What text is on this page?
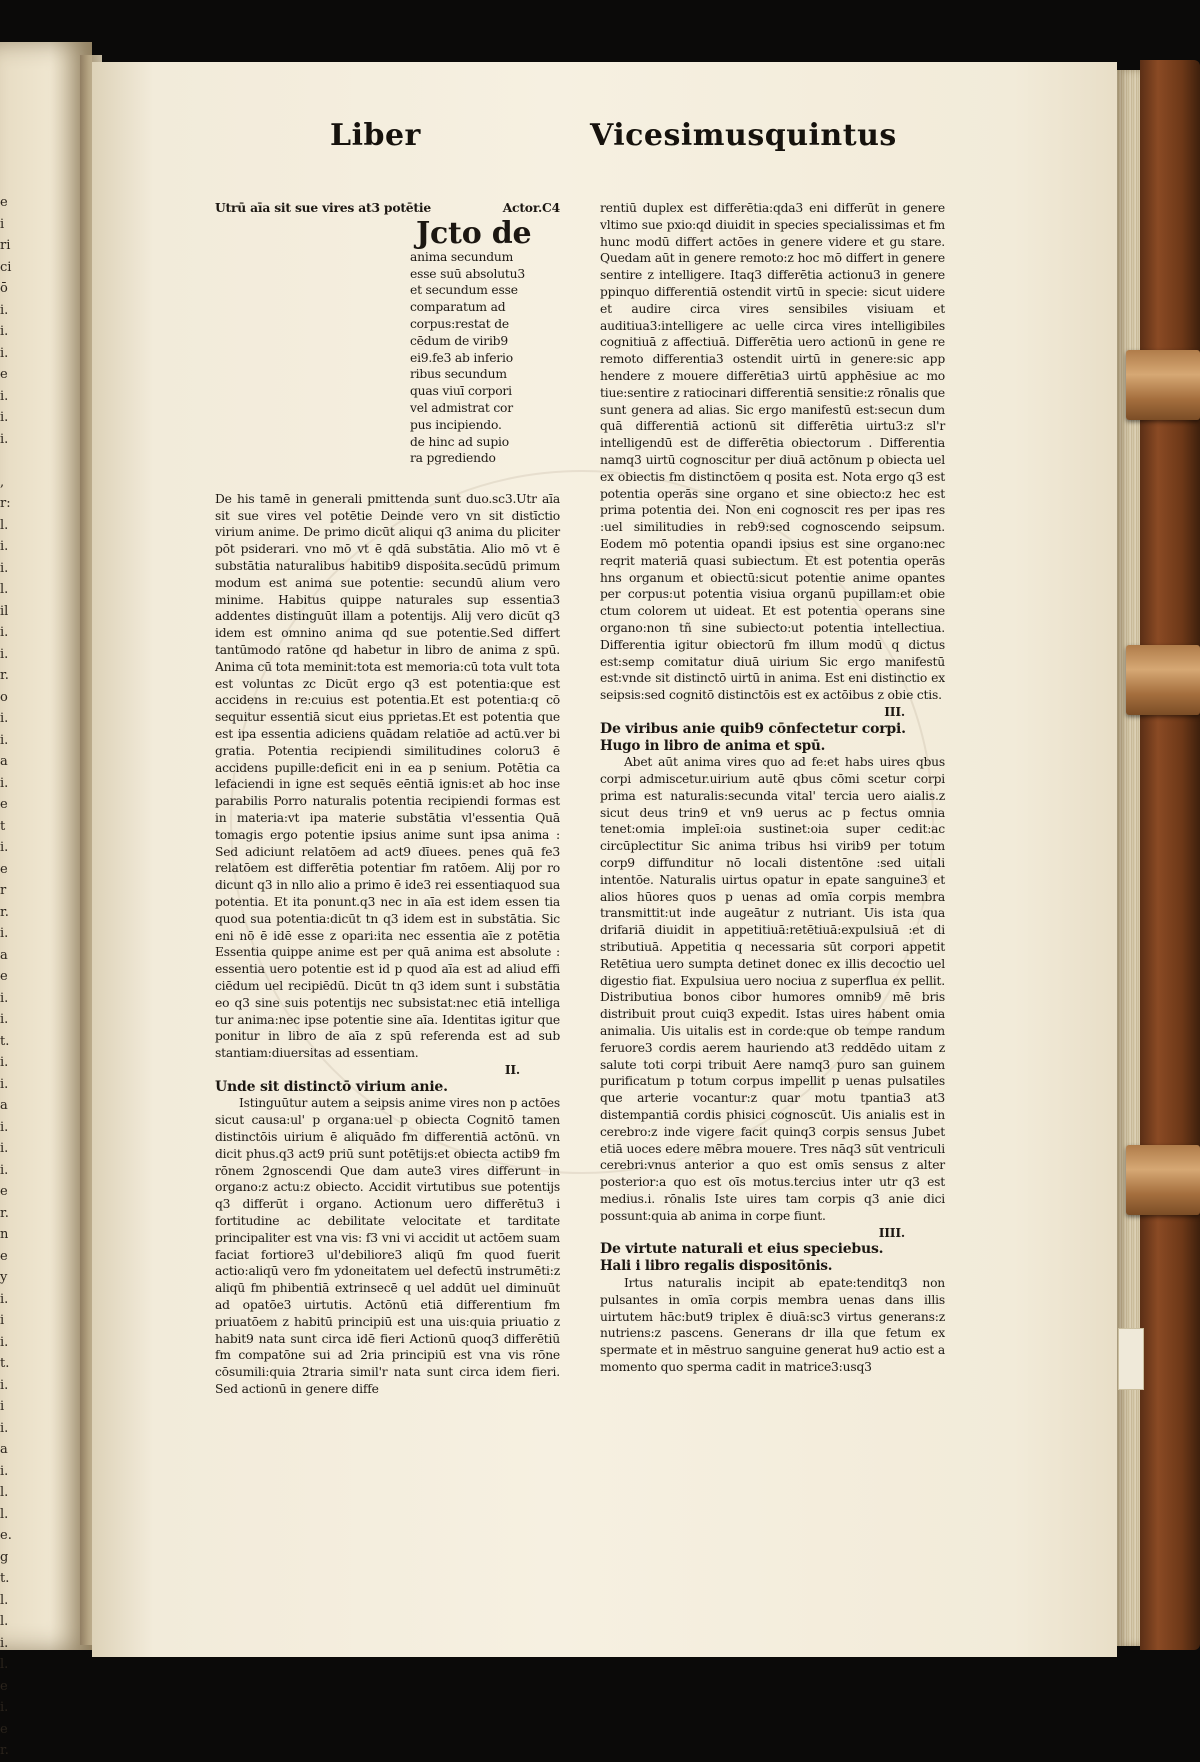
e
i
ri
ci
ō
i.
i.
i.
e
i.
i.
i.

,
r:
l.
i.
i.
l.
il
i.
i.
r.
o
i.
i.
a
i.
e
t
i.
e
r
r.
i.
a
e
i.
i.
t.
i.
i.
a
i.
i.
i.
e
r.
n
e
y
i.
i
i.
t.
i.
i
i.
a
i.
l.
l.
e.
g
t.
l.
l.
i.
l.
e
i.
e
r.
Liber	Vicesimusquintus

Utrū aīa sit sue vires at3 potētie	Actor.C4

Jcto de
anima secundum
esse suū absolutu3
et secundum esse
comparatum ad
corpus:restat de
cēdum de virib9
ei9.fe3 ab inferio
ribus secundum
quas viuī corpori
vel admistrat cor
pus incipiendo.
de hinc ad supio
ra pgrediendo

De his tamē in generali pmittenda sunt duo.sc3.Utr aīa sit sue vires vel potētie Deinde vero vn sit distīctio virium anime. De primo dicūt aliqui q3 anima du pliciter pōt psiderari. vno mō vt ē qdā substātia. Alio mō vt ē substātia naturalibus habitib9 dispoṡita.secūdū primum modum est anima sue potentie: secundū alium vero minime. Habitus quippe naturales sup essentia3 addentes distinguūt illam a potentijs. Alij vero dicūt q3 idem est omnino anima qd sue potentie.Sed differt tantūmodo ratōne qd habetur in libro de anima z spū. Anima cū tota meminit:tota est memoria:cū tota vult tota est voluntas zc Dicūt ergo q3 est potentia:que est accidens in re:cuius est potentia.Et est potentia:q cō sequitur essentiā sicut eius pprietas.Et est potentia que est ipa essentia adiciens quādam relatiōe ad actū.ver bi gratia. Potentia recipiendi similitudines coloru3 ē accidens pupille:deficit eni in ea p senium. Potētia ca lefaciendi in igne est sequēs eēntiā ignis:et ab hoc inse parabilis Porro naturalis potentia recipiendi formas est in materia:vt ipa materie substātia vl'essentia Quā tomagis ergo potentie ipsius anime sunt ipsa anima : Sed adiciunt relatōem ad act9 dīuees. penes quā fe3 relatōem est differētia potentiar fm ratōem. Alij por ro dicunt q3 in nllo alio a primo ē ide3 rei essentiaquod sua potentia. Et ita ponunt.q3 nec in aīa est idem essen tia quod sua potentia:dicūt tn q3 idem est in substātia. Sic eni nō ē idē esse z opari:ita nec essentia aīe z potētia Essentia quippe anime est per quā anima est absolute : essentia uero potentie est id p quod aīa est ad aliud effi ciēdum uel recipiēdū. Dicūt tn q3 idem sunt i substātia eo q3 sine suis potentijs nec subsistat:nec etiā intelliga tur anima:nec ipse potentie sine aīa. Identitas igitur que ponitur in libro de aīa z spū referenda est ad sub stantiam:diuersitas ad essentiam.

II.

Unde sit distinctō virium anie.

Istinguūtur autem a seipsis anime vires non p actōes sicut causa:ul' p organa:uel p obiecta Cognitō tamen distinctōis uirium ē aliquādo fm differentiā actōnū. vn dicit phus.q3 act9 priū sunt potētijs:et obiecta actib9 fm rōnem 2gnoscendi Que dam aute3 vires differunt in organo:z actu:z obiecto. Accidit virtutibus sue potentijs q3 differūt i organo. Actionum uero differētu3 i fortitudine ac debilitate velocitate et tarditate principaliter est vna vis: f3 vni vi accidit ut actōem suam faciat fortiore3 ul'debiliore3 aliqū fm quod fuerit actio:aliqū vero fm ydoneitatem uel defectū instrumēti:z aliqū fm phibentiā extrinsecē q uel addūt uel diminuūt ad opatōe3 uirtutis. Actōnū etiā differentium fm priuatōem z habitū principiū est una uis:quia priuatio z habit9 nata sunt circa idē fieri Actionū quoq3 differētiū fm compatōne sui ad 2ria principiū est vna vis rōne cōsumili:quia 2traria simil'r nata sunt circa idem fieri. Sed actionū in genere diffe

rentiū duplex est differētia:qda3 eni differūt in genere vltimo sue pxio:qd diuidit in species specialissimas et fm hunc modū differt actōes in genere videre et gu stare. Quedam aūt in genere remoto:z hoc mō differt in genere sentire z intelligere. Itaq3 differētia actionu3 in genere ppinquo differentiā ostendit virtū in specie: sicut uidere et audire circa vires sensibiles visiuam et auditiua3:intelligere ac uelle circa vires intelligibiles cognitiuā z affectiuā. Differētia uero actionū in gene re remoto differentia3 ostendit uirtū in genere:sic app hendere z mouere differētia3 uirtū apphēsiue ac mo tiue:sentire z ratiocinari differentiā sensitie:z rōnalis que sunt genera ad alias. Sic ergo manifestū est:secun dum quā differentiā actionū sit differētia uirtu3:z sl'r intelligendū est de differētia obiectorum . Differentia namq3 uirtū cognoscitur per diuā actōnum p obiecta uel ex obiectis fm distinctōem q posita est. Nota ergo q3 est potentia operās sine organo et sine obiecto:z hec est prima potentia dei. Non eni cognoscit res per ipas res :uel similitudies in reb9:sed cognoscendo seipsum. Eodem mō potentia opandi ipsius est sine organo:nec reqrit materiā quasi subiectum. Et est potentia operās hns organum et obiectū:sicut potentie anime opantes per corpus:ut potentia visiua organū pupillam:et obie ctum colorem ut uideat. Et est potentia operans sine organo:non tñ sine subiecto:ut potentia intellectiua. Differentia igitur obiectorū fm illum modū q dictus est:semp comitatur diuā uirium Sic ergo manifestū est:vnde sit distinctō uirtū in anima. Est eni distinctio ex seipsis:sed cognitō distinctōis est ex actōibus z obie ctis.

III.

De viribus anie quib9 cōnfectetur corpi.

Hugo in libro de anima et spū.

Abet aūt anima vires quo ad fe:et habs uires qbus corpi admiscetur.uirium autē qbus cōmi scetur corpi prima est naturalis:secunda vital' tercia uero aialis.z sicut deus trin9 et vn9 uerus ac p fectus omnia tenet:omia impleī:oia sustinet:oia super cedit:ac circūplectitur Sic anima tribus hsi virib9 per totum corp9 diffunditur nō locali distentōne :sed uitali intentōe. Naturalis uirtus opatur in epate sanguine3 et alios hūores quos p uenas ad omīa corpis membra transmittit:ut inde augeātur z nutriant. Uis ista qua drifariā diuidit in appetitiuā:retētiuā:expulsiuā :et di stributiuā. Appetitia q necessaria sūt corpori appetit Retētiua uero sumpta detinet donec ex illis decoctio uel digestio fiat. Expulsiua uero nociua z superflua ex pellit. Distributiua bonos cibor humores omnib9 mē bris distribuit prout cuiq3 expedit. Istas uires habent omia animalia. Uis uitalis est in corde:que ob tempe randum feruore3 cordis aerem hauriendo at3 reddēdo uitam z salute toti corpi tribuit Aere namq3 puro san guinem purificatum p totum corpus impellit p uenas pulsatiles que arterie vocantur:z quar motu tpantia3 at3 distempantiā cordis phisici cognoscūt. Uis anialis est in cerebro:z inde vigere facit quinq3 corpis sensus Jubet etiā uoces edere mēbra mouere. Tres nāq3 sūt ventriculi cerebri:vnus anterior a quo est omīs sensus z alter posterior:a quo est oīs motus.tercius inter utr q3 est medius.i. rōnalis Iste uires tam corpis q3 anie dici possunt:quia ab anima in corpe fiunt.

IIII.

De virtute naturali et eius speciebus.

Hali i libro regalis dispositōnis.

Irtus naturalis incipit ab epate:tenditq3 non pulsantes in omīa corpis membra uenas dans illis uirtutem hāc:but9 triplex ē diuā:sc3 virtus generans:z nutriens:z pascens. Generans dr illa que fetum ex spermate et in mēstruo sanguine generat hu9 actio est a momento quo sperma cadit in matrice3:usq3
